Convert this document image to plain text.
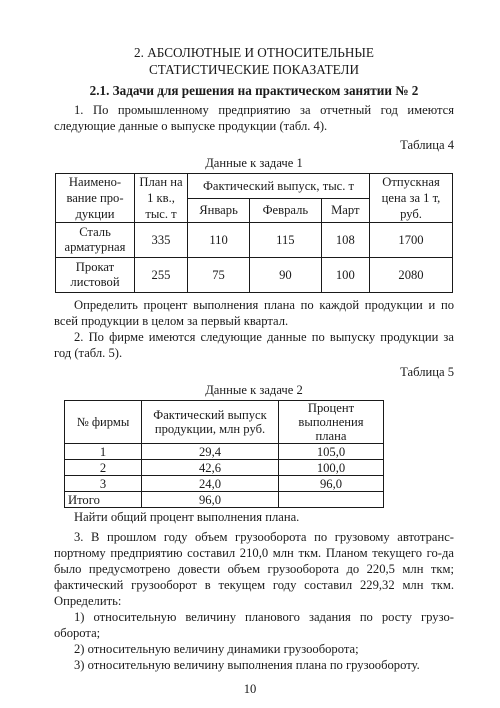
2. АБСОЛЮТНЫЕ И ОТНОСИТЕЛЬНЫЕ

СТАТИСТИЧЕСКИЕ ПОКАЗАТЕЛИ

2.1. Задачи для решения на практическом занятии № 2

1. По промышленному предприятию за отчетный год имеются следующие данные о выпуске продукции (табл. 4).

Таблица 4
Данные к задаче 1
Наимено-вание про-дукции	План на 1 кв., тыс. т	Фактический выпуск, тыс. т			Отпускная цена за 1 т, руб.
		Январь	Февраль	Март	
Сталь арматурная	335	110	115	108	1700
Прокат листовой	255	75	90	100	2080

Определить процент выполнения плана по каждой продукции и по всей продукции в целом за первый квартал.

2. По фирме имеются следующие данные по выпуску продукции за год (табл. 5).

Таблица 5
Данные к задаче 2
№ фирмы	Фактический выпуск продукции, млн руб.	Процент выполнения плана
1	29,4	105,0
2	42,6	100,0
3	24,0	96,0
Итого	96,0	

Найти общий процент выполнения плана.

3. В прошлом году объем грузооборота по грузовому автотранс-портному предприятию составил 210,0 млн ткм. Планом текущего го-да было предусмотрено довести объем грузооборота до 220,5 млн ткм; фактический грузооборот в текущем году составил 229,32 млн ткм. Определить:

1) относительную величину планового задания по росту грузо-оборота;

2) относительную величину динамики грузооборота;

3) относительную величину выполнения плана по грузообороту.

10
